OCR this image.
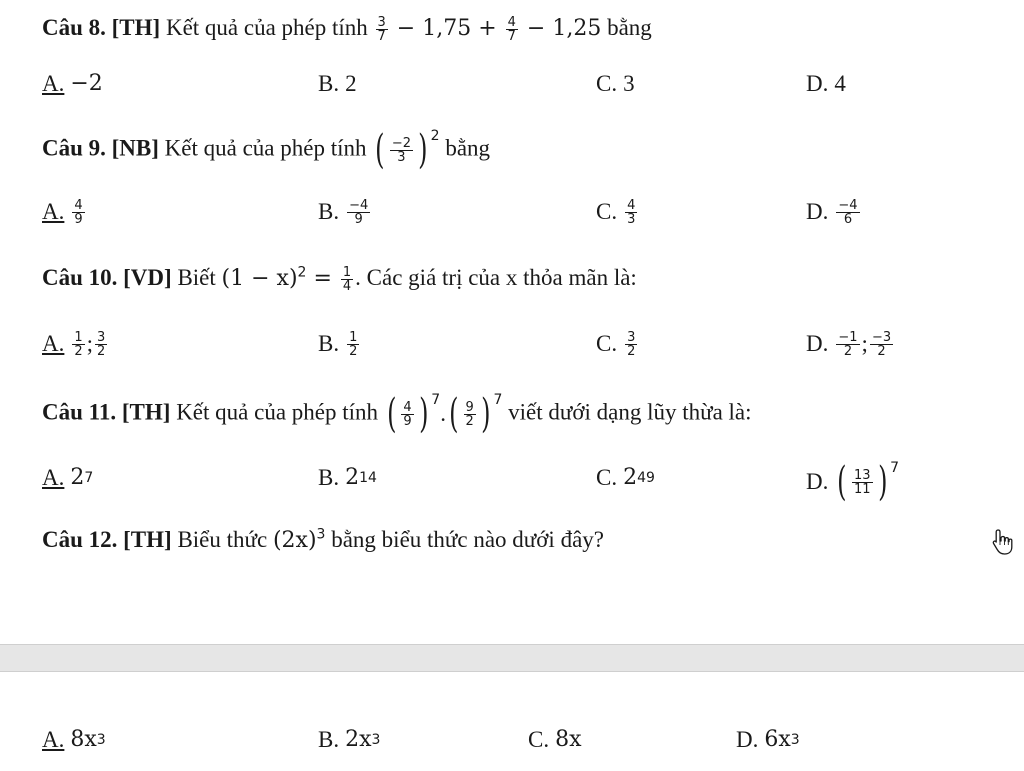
Câu 8. [TH] Kết quả của phép tính $\frac{3}{7} - 1,75 + \frac{4}{7} - 1,25$ bằng
A. −2	B. 2	C. 3	D. 4
Câu 9. [NB] Kết quả của phép tính ( $\frac{-2}{3} )^2$ bằng
A. $\frac{4}{9}$	B. $\frac{-4}{9}$	C. $\frac{4}{3}$	D. $\frac{-4}{6}$
Câu 10. [VD] Biết $(1 - x)^2 = \frac{1}{4}$ . Các giá trị của x thỏa mãn là:
A. $\frac{1}{2}$ ; $\frac{3}{2}$	B. $\frac{1}{2}$	C. $\frac{3}{2}$	D. $\frac{-1}{2}$ ; $\frac{-3}{2}$
Câu 11. [TH] Kết quả của phép tính ( $\frac{4}{9} )^7$
. ( $\frac{9}{2} )^7$ viết dưới dạng lũy thừa là:
A. 2 7	B. 2 14	C. 2 49	D. ( $\frac{13}{11} )^7$
Câu 12. [TH] Biểu thức $(2x)^3$ bằng biểu thức nào dưới đây?
A. 8x 3	B. 2x 3	C. 8x	D. 6x 3
